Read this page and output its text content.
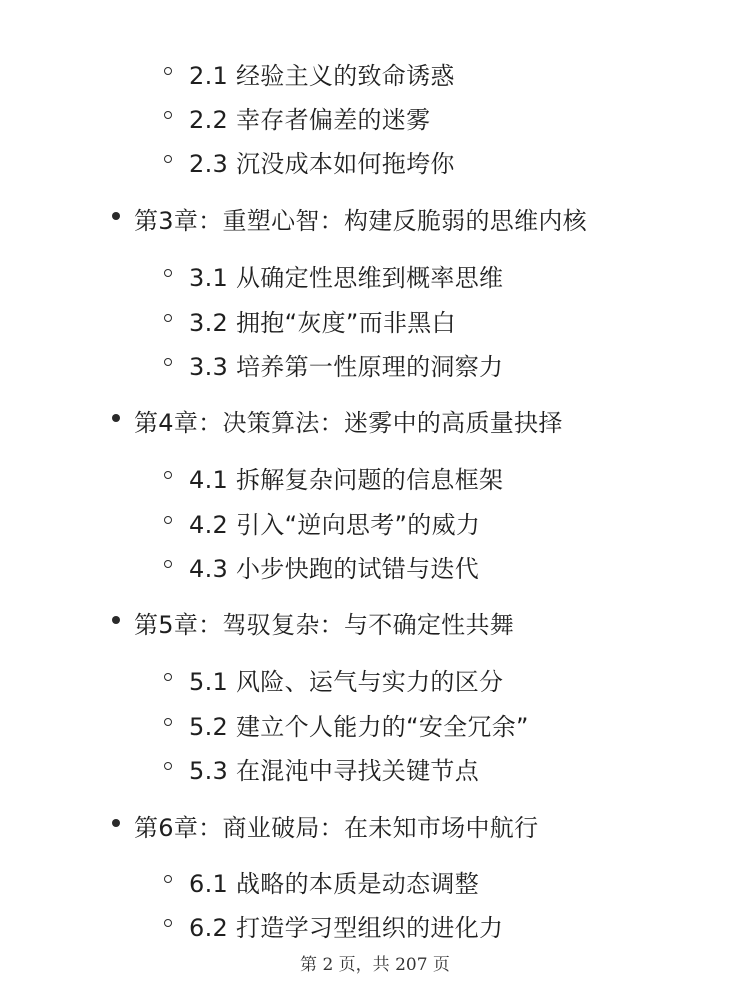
2.1 经验主义的致命诱惑
2.2 幸存者偏差的迷雾
2.3 沉没成本如何拖垮你
第3章：重塑心智：构建反脆弱的思维内核
3.1 从确定性思维到概率思维
3.2 拥抱“灰度”而非黑白
3.3 培养第一性原理的洞察力
第4章：决策算法：迷雾中的高质量抉择
4.1 拆解复杂问题的信息框架
4.2 引入“逆向思考”的威力
4.3 小步快跑的试错与迭代
第5章：驾驭复杂：与不确定性共舞
5.1 风险、运气与实力的区分
5.2 建立个人能力的“安全冗余”
5.3 在混沌中寻找关键节点
第6章：商业破局：在未知市场中航行
6.1 战略的本质是动态调整
6.2 打造学习型组织的进化力
第 2 页，共 207 页
